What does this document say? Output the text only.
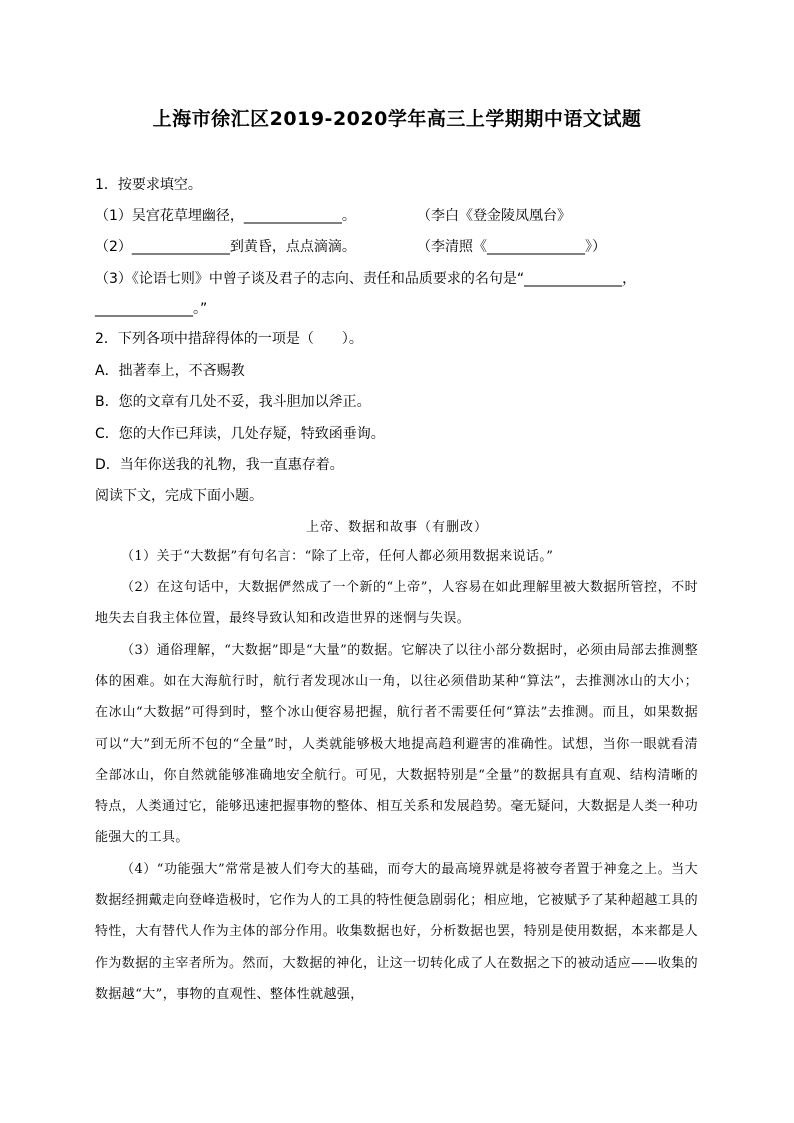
上海市徐汇区2019-2020学年高三上学期期中语文试题
1．按要求填空。
（1）吴宫花草埋幽径，______________。	（李白《登金陵凤凰台》
（2）______________到黄昏，点点滴滴。	（李清照《______________》）
（3）《论语七则》中曾子谈及君子的志向、责任和品质要求的名句是“______________，
______________。”
2．下列各项中措辞得体的一项是（　　）。
A．拙著奉上，不吝赐教
B．您的文章有几处不妥，我斗胆加以斧正。
C．您的大作已拜读，几处存疑，特致函垂询。
D．当年你送我的礼物，我一直惠存着。
阅读下文，完成下面小题。
上帝、数据和故事（有删改）
（1）关于“大数据”有句名言：“除了上帝，任何人都必须用数据来说话。”
（2）在这句话中，大数据俨然成了一个新的“上帝”，人容易在如此理解里被大数据所管控，不时地失去自我主体位置，最终导致认知和改造世界的迷惘与失误。
（3）通俗理解，“大数据”即是“大量”的数据。它解决了以往小部分数据时，必须由局部去推测整体的困难。如在大海航行时，航行者发现冰山一角，以往必须借助某种“算法”，去推测冰山的大小；在冰山“大数据”可得到时，整个冰山便容易把握，航行者不需要任何“算法”去推测。而且，如果数据可以“大”到无所不包的“全量”时，人类就能够极大地提高趋利避害的准确性。试想，当你一眼就看清全部冰山，你自然就能够准确地安全航行。可见，大数据特别是“全量”的数据具有直观、结构清晰的特点，人类通过它，能够迅速把握事物的整体、相互关系和发展趋势。毫无疑问，大数据是人类一种功能强大的工具。
（4）“功能强大”常常是被人们夸大的基础，而夸大的最高境界就是将被夸者置于神龛之上。当大数据经拥戴走向登峰造极时，它作为人的工具的特性便急剧弱化；相应地，它被赋予了某种超越工具的特性，大有替代人作为主体的部分作用。收集数据也好，分析数据也罢，特别是使用数据，本来都是人作为数据的主宰者所为。然而，大数据的神化，让这一切转化成了人在数据之下的被动适应——收集的数据越“大”，事物的直观性、整体性就越强，
